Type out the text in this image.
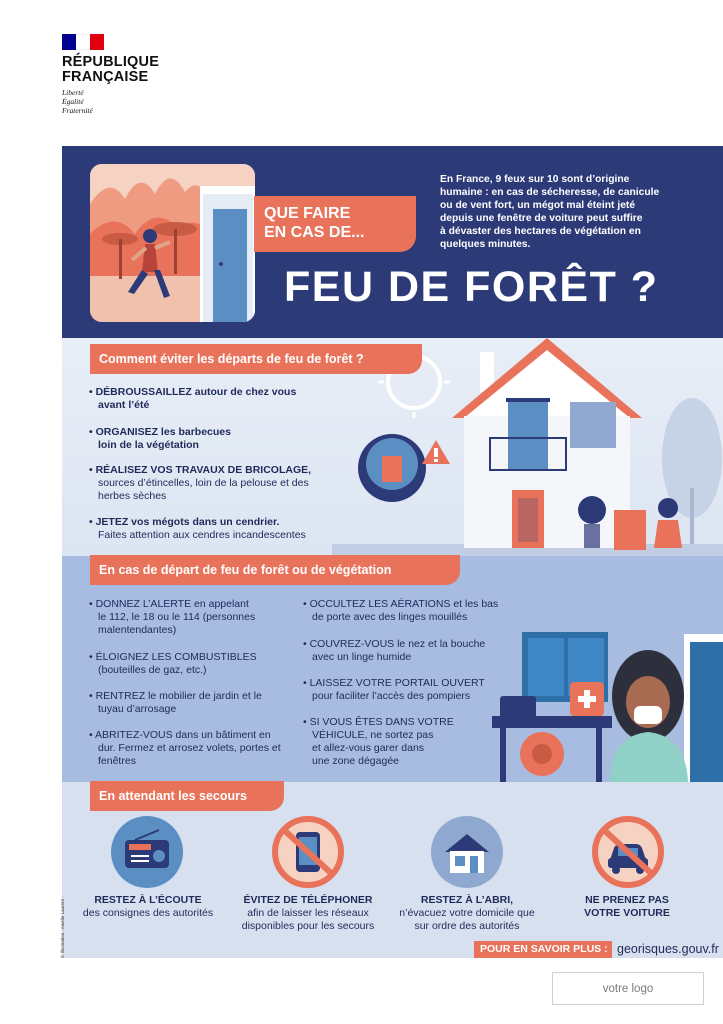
RÉPUBLIQUE
FRANÇAISE
Liberté
Égalité
Fraternité
QUE FAIRE
EN CAS DE...
En France, 9 feux sur 10 sont d’origine
humaine : en cas de sécheresse, de canicule
ou de vent fort, un mégot mal éteint jeté
depuis une fenêtre de voiture peut suffire
à dévaster des hectares de végétation en
quelques minutes.
FEU DE FORÊT ?
Comment éviter les départs de feu de forêt ?
• DÉBROUSSAILLEZ autour de chez vous
avant l’été
• ORGANISEZ les barbecues
loin de la végétation
• RÉALISEZ VOS TRAVAUX DE BRICOLAGE,
sources d’étincelles, loin de la pelouse et des
herbes sèches
• JETEZ vos mégots dans un cendrier.
Faites attention aux cendres incandescentes
En cas de départ de feu de forêt ou de végétation
• DONNEZ L’ALERTE en appelant
le 112, le 18 ou le 114 (personnes
malentendantes)
• ÉLOIGNEZ LES COMBUSTIBLES
(bouteilles de gaz, etc.)
• RENTREZ le mobilier de jardin et le
tuyau d’arrosage
• ABRITEZ-VOUS dans un bâtiment en
dur. Fermez et arrosez volets, portes et
fenêtres
• OCCULTEZ LES AÉRATIONS et les bas
de porte avec des linges mouillés
• COUVREZ-VOUS le nez et la bouche
avec un linge humide
• LAISSEZ VOTRE PORTAIL OUVERT
pour faciliter l’accès des pompiers
• SI VOUS ÊTES DANS VOTRE
VÉHICULE, ne sortez pas
et allez-vous garer dans
une zone dégagée
En attendant les secours
RESTEZ À L’ÉCOUTE
des consignes des autorités
ÉVITEZ DE TÉLÉPHONER
afin de laisser les réseaux
disponibles pour les secours
RESTEZ À L’ABRI,
n’évacuez votre domicile que
sur ordre des autorités
NE PRENEZ PAS
VOTRE VOITURE
POUR EN SAVOIR PLUS : georisques.gouv.fr
© Illustration : Amélie Laurent -
votre logo
